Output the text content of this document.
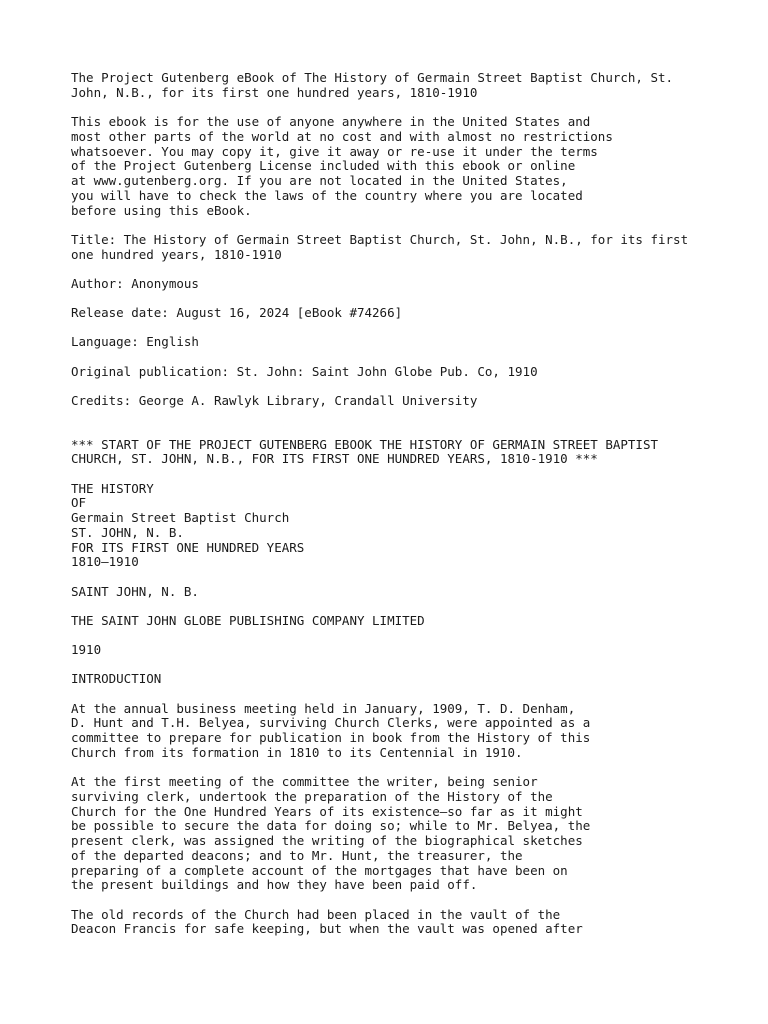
The Project Gutenberg eBook of The History of Germain Street Baptist Church, St.
John, N.B., for its first one hundred years, 1810-1910

This ebook is for the use of anyone anywhere in the United States and
most other parts of the world at no cost and with almost no restrictions
whatsoever. You may copy it, give it away or re-use it under the terms
of the Project Gutenberg License included with this ebook or online
at www.gutenberg.org. If you are not located in the United States,
you will have to check the laws of the country where you are located
before using this eBook.

Title: The History of Germain Street Baptist Church, St. John, N.B., for its first
one hundred years, 1810-1910

Author: Anonymous

Release date: August 16, 2024 [eBook #74266]

Language: English

Original publication: St. John: Saint John Globe Pub. Co, 1910

Credits: George A. Rawlyk Library, Crandall University

*** START OF THE PROJECT GUTENBERG EBOOK THE HISTORY OF GERMAIN STREET BAPTIST
CHURCH, ST. JOHN, N.B., FOR ITS FIRST ONE HUNDRED YEARS, 1810-1910 ***

THE HISTORY
OF
Germain Street Baptist Church
ST. JOHN, N. B.
FOR ITS FIRST ONE HUNDRED YEARS
1810—1910

SAINT JOHN, N. B.

THE SAINT JOHN GLOBE PUBLISHING COMPANY LIMITED

1910

INTRODUCTION

At the annual business meeting held in January, 1909, T. D. Denham,
D. Hunt and T.H. Belyea, surviving Church Clerks, were appointed as a
committee to prepare for publication in book from the History of this
Church from its formation in 1810 to its Centennial in 1910.

At the first meeting of the committee the writer, being senior
surviving clerk, undertook the preparation of the History of the
Church for the One Hundred Years of its existence—so far as it might
be possible to secure the data for doing so; while to Mr. Belyea, the
present clerk, was assigned the writing of the biographical sketches
of the departed deacons; and to Mr. Hunt, the treasurer, the
preparing of a complete account of the mortgages that have been on
the present buildings and how they have been paid off.

The old records of the Church had been placed in the vault of the
Deacon Francis for safe keeping, but when the vault was opened after
